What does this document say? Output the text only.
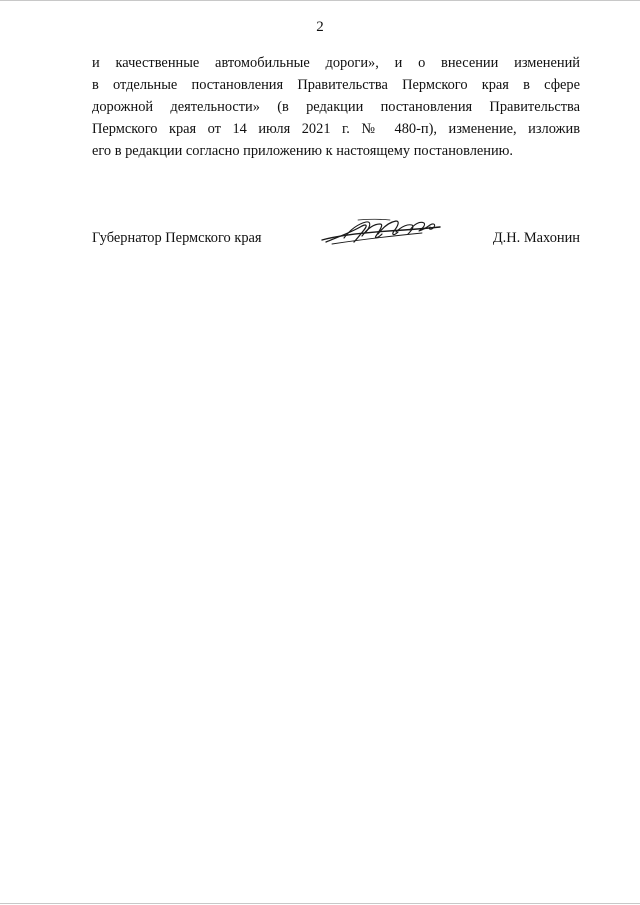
2
и качественные автомобильные дороги», и о внесении изменений
в отдельные постановления Правительства Пермского края в сфере
дорожной деятельности» (в редакции постановления Правительства
Пермского края от 14 июля 2021 г. № 480-п), изменение, изложив
его в редакции согласно приложению к настоящему постановлению.
Губернатор Пермского края	Д.Н. Махонин
